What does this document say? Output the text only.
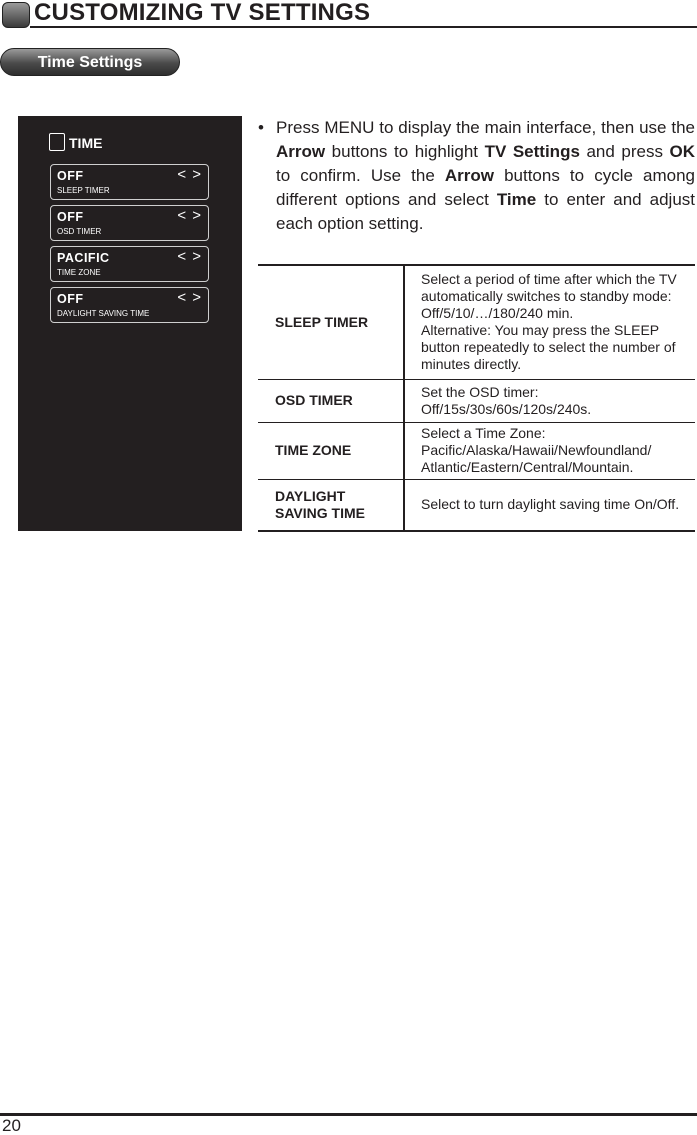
CUSTOMIZING TV SETTINGS
Time Settings
TIME
OFF
SLEEP TIMER
< >
OFF
OSD TIMER
< >
PACIFIC
TIME ZONE
< >
OFF
DAYLIGHT SAVING TIME
< >
• Press MENU to display the main interface, then use the Arrow buttons to highlight TV Settings and press OK to confirm. Use the Arrow buttons to cycle among different options and select Time to enter and adjust each option setting.
SLEEP TIMER	Select a period of time after which the TV automatically switches to standby mode: Off/5/10/…/180/240 min.

Alternative: You may press the SLEEP button repeatedly to select the number of minutes directly.

OSD TIMER	Set the OSD timer:

Off/15s/30s/60s/120s/240s.

TIME ZONE	Select a Time Zone:

Pacific/Alaska/Hawaii/Newfoundland/ Atlantic/Eastern/Central/Mountain.

DAYLIGHT

SAVING TIME	Select to turn daylight saving time On/Off.
20
